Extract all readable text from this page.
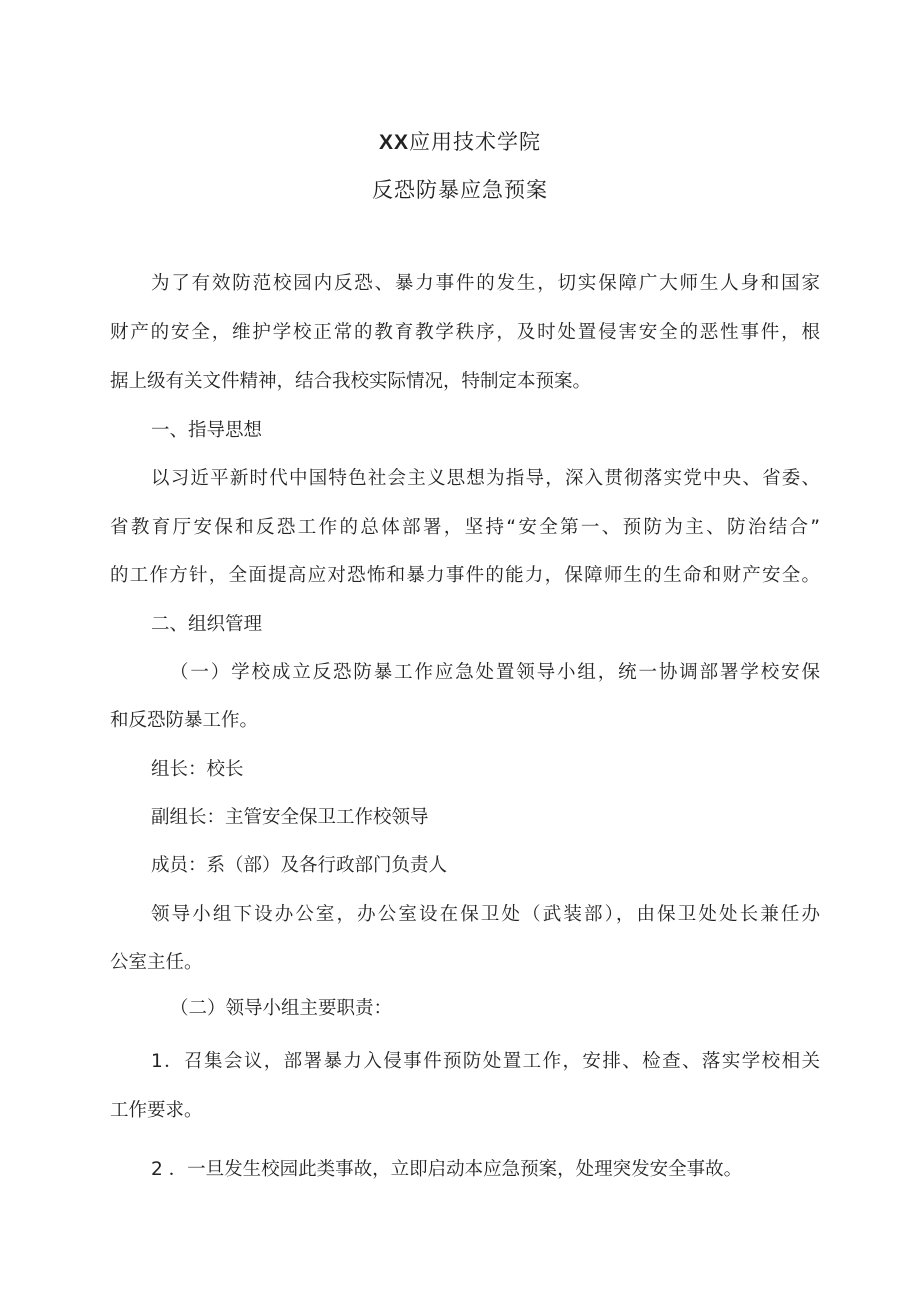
XX应用技术学院
反恐防暴应急预案
为了有效防范校园内反恐、暴力事件的发生，切实保障广大师生人身和国家
财产的安全，维护学校正常的教育教学秩序，及时处置侵害安全的恶性事件，根
据上级有关文件精神，结合我校实际情况，特制定本预案。
一、指导思想
以习近平新时代中国特色社会主义思想为指导，深入贯彻落实党中央、省委、
省教育厅安保和反恐工作的总体部署，坚持“安全第一、预防为主、防治结合”
的工作方针，全面提高应对恐怖和暴力事件的能力，保障师生的生命和财产安全。
二、组织管理
（一）学校成立反恐防暴工作应急处置领导小组，统一协调部署学校安保
和反恐防暴工作。
组长：校长
副组长：主管安全保卫工作校领导
成员：系（部）及各行政部门负责人
领导小组下设办公室，办公室设在保卫处（武装部），由保卫处处长兼任办
公室主任。
（二）领导小组主要职责：
1．召集会议，部署暴力入侵事件预防处置工作，安排、检查、落实学校相关
工作要求。
2 ．一旦发生校园此类事故，立即启动本应急预案，处理突发安全事故。
